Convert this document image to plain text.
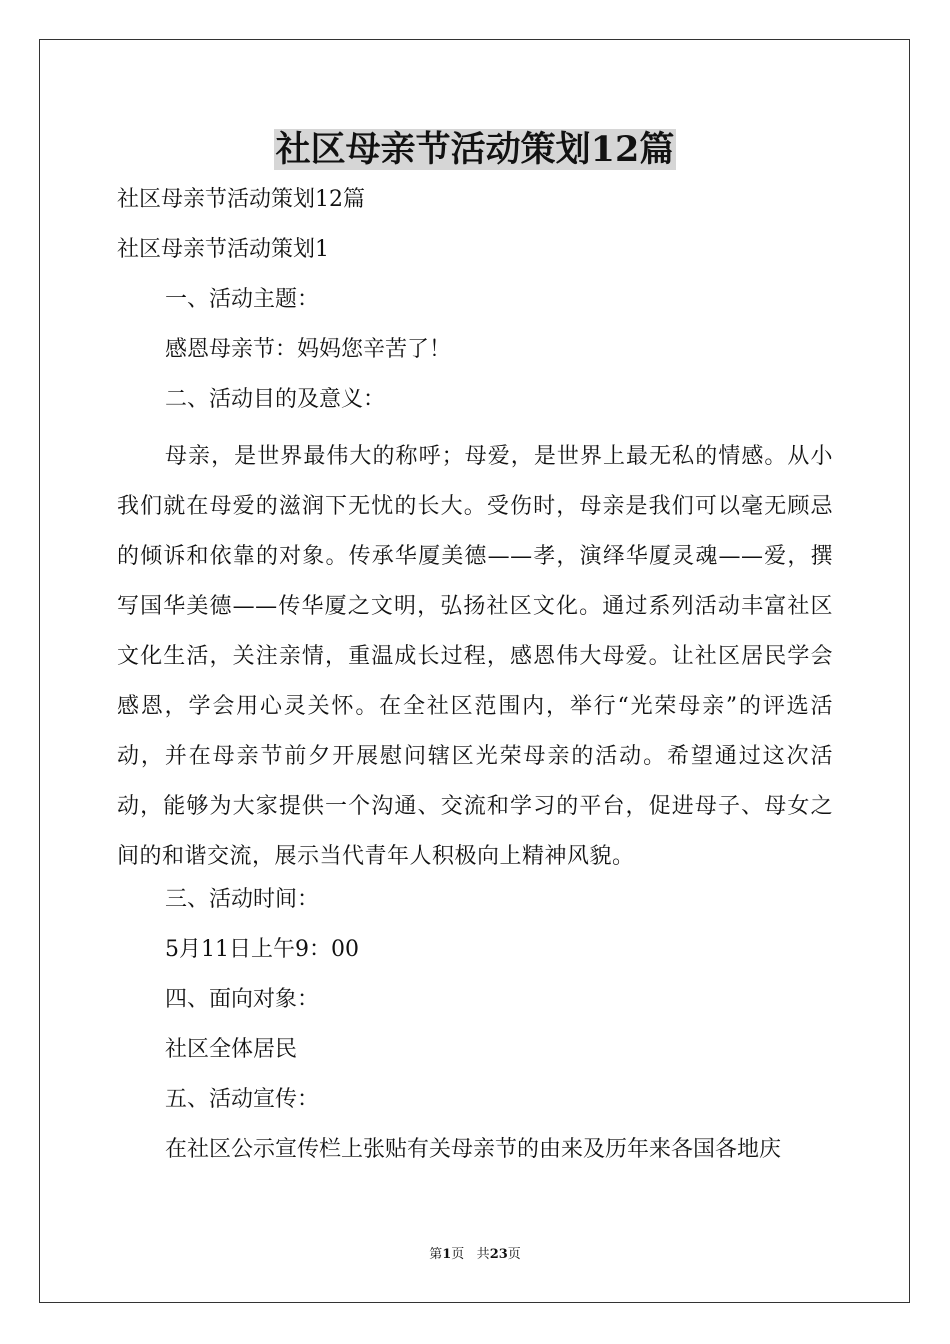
社区母亲节活动策划12篇

社区母亲节活动策划12篇

社区母亲节活动策划1

一、活动主题：

感恩母亲节：妈妈您辛苦了！

二、活动目的及意义：

母亲，是世界最伟大的称呼；母爱，是世界上最无私的情感。从小我们就在母爱的滋润下无忧的长大。受伤时，母亲是我们可以毫无顾忌的倾诉和依靠的对象。传承华厦美德——孝，演绎华厦灵魂——爱，撰写国华美德——传华厦之文明，弘扬社区文化。通过系列活动丰富社区文化生活，关注亲情，重温成长过程，感恩伟大母爱。让社区居民学会感恩，学会用心灵关怀。在全社区范围内，举行“光荣母亲”的评选活动，并在母亲节前夕开展慰问辖区光荣母亲的活动。希望通过这次活动，能够为大家提供一个沟通、交流和学习的平台，促进母子、母女之间的和谐交流，展示当代青年人积极向上精神风貌。

三、活动时间：

5月11日上午9：00

四、面向对象：

社区全体居民

五、活动宣传：

在社区公示宣传栏上张贴有关母亲节的由来及历年来各国各地庆

第1页 共23页
